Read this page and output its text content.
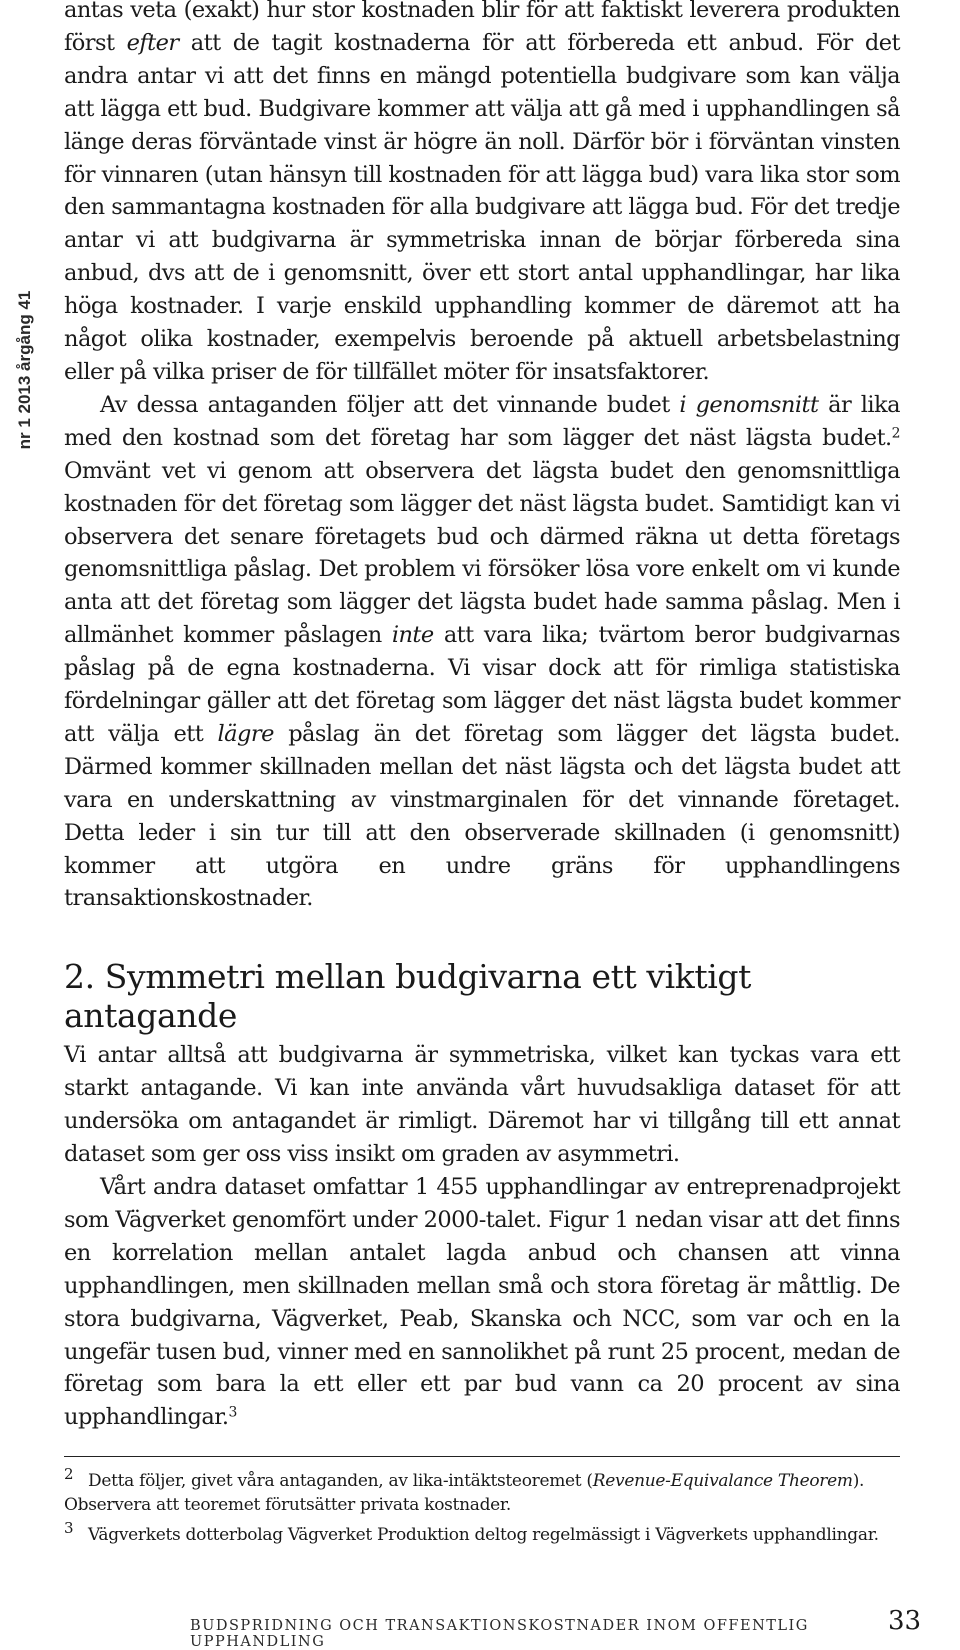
nr 1 2013 årgång 41

antas veta (exakt) hur stor kostnaden blir för att faktiskt leverera produkten först efter att de tagit kostnaderna för att förbereda ett anbud. För det andra antar vi att det finns en mängd potentiella budgivare som kan välja att lägga ett bud. Budgivare kommer att välja att gå med i upphandlingen så länge deras förväntade vinst är högre än noll. Därför bör i förväntan vinsten för vinnaren (utan hänsyn till kostnaden för att lägga bud) vara lika stor som den sammantagna kostnaden för alla budgivare att lägga bud. För det tredje antar vi att budgivarna är symmetriska innan de börjar förbereda sina anbud, dvs att de i genomsnitt, över ett stort antal upphandlingar, har lika höga kostnader. I varje enskild upphandling kommer de däremot att ha något olika kostnader, exempelvis beroende på aktuell arbetsbelastning eller på vilka priser de för tillfället möter för insatsfaktorer.

Av dessa antaganden följer att det vinnande budet i genomsnitt är lika med den kostnad som det företag har som lägger det näst lägsta budet.$^2$ Omvänt vet vi genom att observera det lägsta budet den genomsnittliga kostnaden för det företag som lägger det näst lägsta budet. Samtidigt kan vi observera det senare företagets bud och därmed räkna ut detta företags genomsnittliga påslag. Det problem vi försöker lösa vore enkelt om vi kunde anta att det företag som lägger det lägsta budet hade samma påslag. Men i allmänhet kommer påslagen inte att vara lika; tvärtom beror budgivarnas påslag på de egna kostnaderna. Vi visar dock att för rimliga statistiska fördelningar gäller att det företag som lägger det näst lägsta budet kommer att välja ett lägre påslag än det företag som lägger det lägsta budet. Därmed kommer skillnaden mellan det näst lägsta och det lägsta budet att vara en underskattning av vinstmarginalen för det vinnande företaget. Detta leder i sin tur till att den observerade skillnaden (i genomsnitt) kommer att utgöra en undre gräns för upphandlingens transaktionskostnader.

2. Symmetri mellan budgivarna ett viktigt antagande

Vi antar alltså att budgivarna är symmetriska, vilket kan tyckas vara ett starkt antagande. Vi kan inte använda vårt huvudsakliga dataset för att undersöka om antagandet är rimligt. Däremot har vi tillgång till ett annat dataset som ger oss viss insikt om graden av asymmetri.

Vårt andra dataset omfattar 1 455 upphandlingar av entreprenadprojekt som Vägverket genomfört under 2000-talet. Figur 1 nedan visar att det finns en korrelation mellan antalet lagda anbud och chansen att vinna upphandlingen, men skillnaden mellan små och stora företag är måttlig. De stora budgivarna, Vägverket, Peab, Skanska och NCC, som var och en la ungefär tusen bud, vinner med en sannolikhet på runt 25 procent, medan de företag som bara la ett eller ett par bud vann ca 20 procent av sina upphandlingar.$^3$

2 Detta följer, givet våra antaganden, av lika-intäktsteoremet (Revenue-Equivalance Theorem). Observera att teoremet förutsätter privata kostnader.

3 Vägverkets dotterbolag Vägverket Produktion deltog regelmässigt i Vägverkets upphandlingar.

BUDSPRIDNING OCH TRANSAKTIONSKOSTNADER INOM OFFENTLIG UPPHANDLING
33
